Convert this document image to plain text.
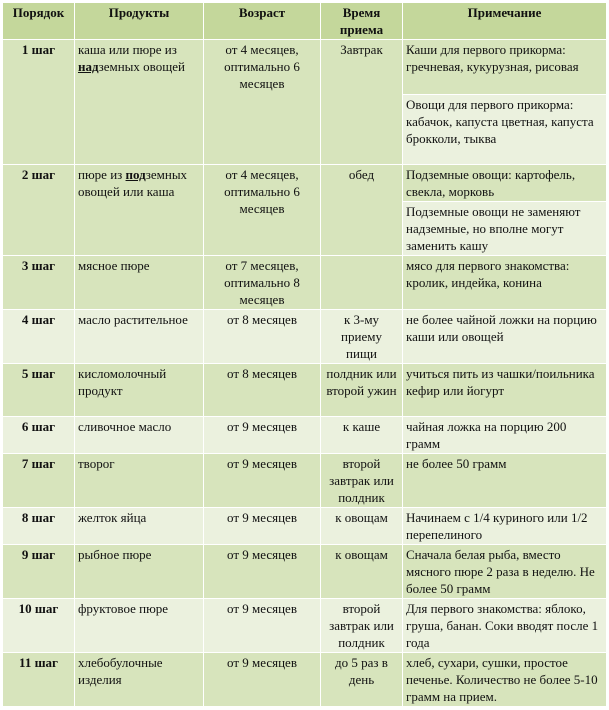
Порядок	Продукты	Возраст	Время приема	Примечание
1 шаг	каша или пюре из надземных овощей	от 4 месяцев, оптимально 6 месяцев	Завтрак	Каши для первого прикорма: гречневая, кукурузная, рисовая
				Овощи для первого прикорма: кабачок, капуста цветная, капуста брокколи, тыква
2 шаг	пюре из подземных овощей или каша	от 4 месяцев, оптимально 6 месяцев	обед	Подземные овощи: картофель, свекла, морковь
				Подземные овощи не заменяют надземные, но вполне могут заменить кашу
3 шаг	мясное пюре	от 7 месяцев, оптимально 8 месяцев		мясо для первого знакомства: кролик, индейка, конина
4 шаг	масло растительное	от 8 месяцев	к 3-му приему пищи	не более чайной ложки на порцию каши или овощей
5 шаг	кисломолочный продукт	от 8 месяцев	полдник или второй ужин	учиться пить из чашки/поильника кефир или йогурт
6 шаг	сливочное масло	от 9 месяцев	к каше	чайная ложка на порцию 200 грамм
7 шаг	творог	от 9 месяцев	второй завтрак или полдник	не более 50 грамм
8 шаг	желток яйца	от 9 месяцев	к овощам	Начинаем с 1/4 куриного или 1/2 перепелиного
9 шаг	рыбное пюре	от 9 месяцев	к овощам	Сначала белая рыба, вместо мясного пюре 2 раза в неделю. Не более 50 грамм
10 шаг	фруктовое пюре	от 9 месяцев	второй завтрак или полдник	Для первого знакомства: яблоко, груша, банан. Соки вводят после 1 года
11 шаг	хлебобулочные изделия	от 9 месяцев	до 5 раз в день	хлеб, сухари, сушки, простое печенье. Количество не более 5-10 грамм на прием.
